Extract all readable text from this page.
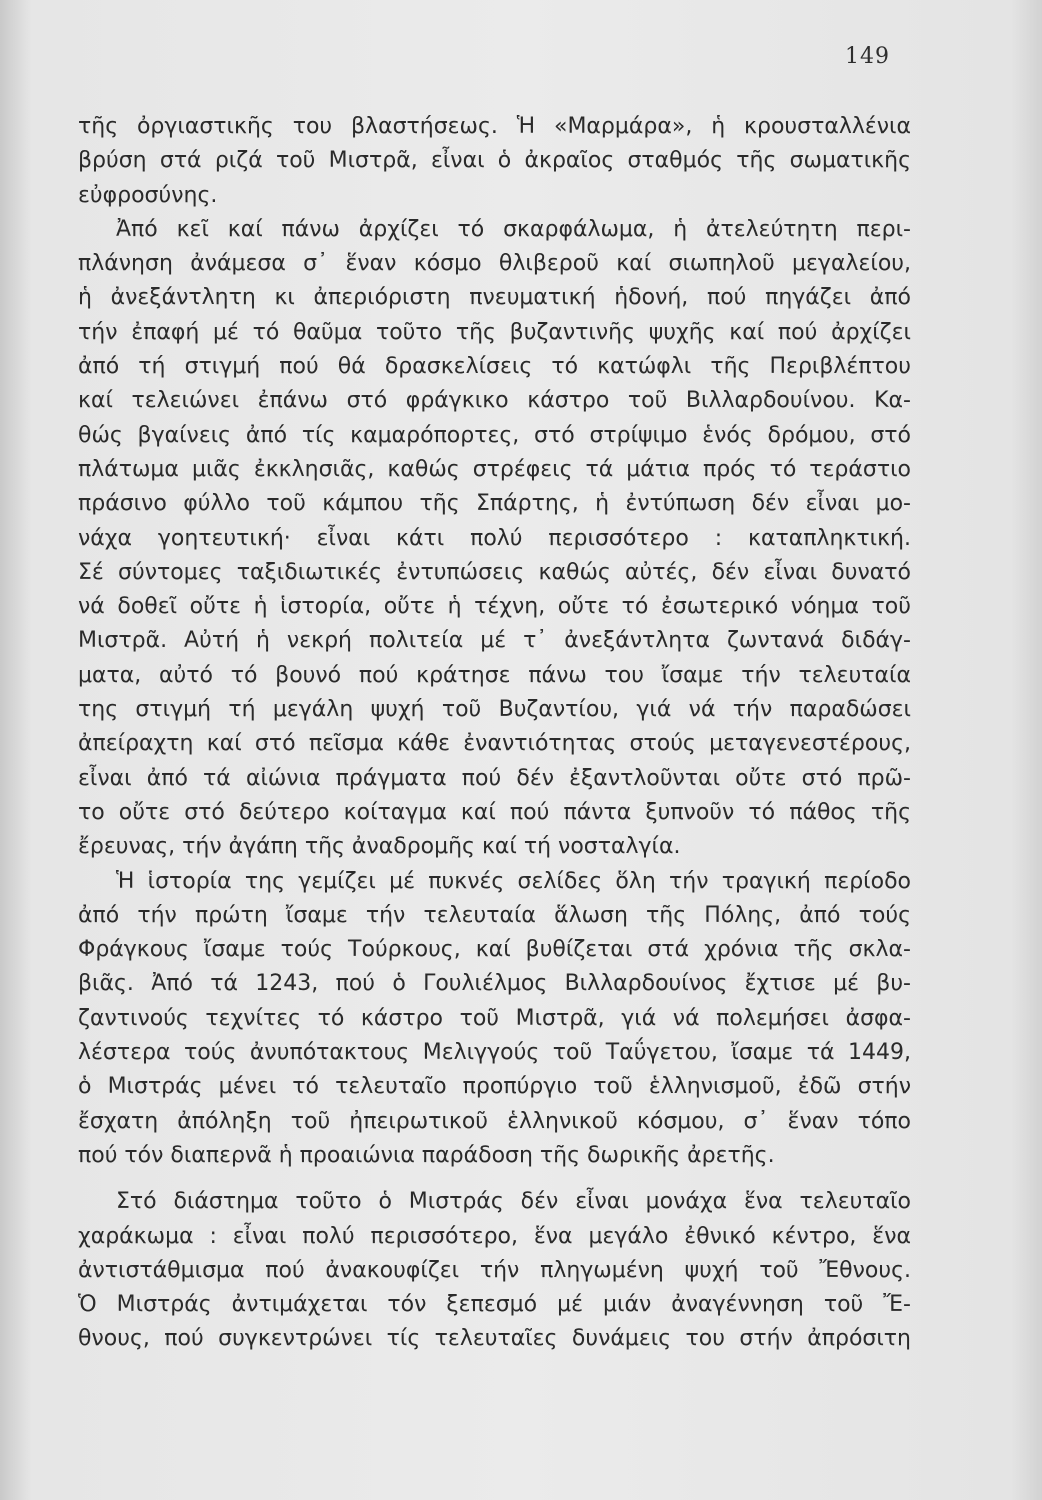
149
τῆς ὀργιαστικῆς του βλαστήσεως. Ἡ «Μαρμάρα», ἡ κρουσταλλένια
βρύση στά ριζά τοῦ Μιστρᾶ, εἶναι ὁ ἀκραῖος σταθμός τῆς σωματικῆς
εὐφροσύνης.
Ἀπό κεῖ καί πάνω ἀρχίζει τό σκαρφάλωμα, ἡ ἀτελεύτητη περι-
πλάνηση ἀνάμεσα σ᾽ ἕναν κόσμο θλιβεροῦ καί σιωπηλοῦ μεγαλείου,
ἡ ἀνεξάντλητη κι ἀπεριόριστη πνευματική ἡδονή, πού πηγάζει ἀπό
τήν ἐπαφή μέ τό θαῦμα τοῦτο τῆς βυζαντινῆς ψυχῆς καί πού ἀρχίζει
ἀπό τή στιγμή πού θά δρασκελίσεις τό κατώφλι τῆς Περιβλέπτου
καί τελειώνει ἐπάνω στό φράγκικο κάστρο τοῦ Βιλλαρδουίνου. Κα-
θώς βγαίνεις ἀπό τίς καμαρόπορτες, στό στρίψιμο ἑνός δρόμου, στό
πλάτωμα μιᾶς ἐκκλησιᾶς, καθώς στρέφεις τά μάτια πρός τό τεράστιο
πράσινο φύλλο τοῦ κάμπου τῆς Σπάρτης, ἡ ἐντύπωση δέν εἶναι μο-
νάχα γοητευτική· εἶναι κάτι πολύ περισσότερο : καταπληκτική.
Σέ σύντομες ταξιδιωτικές ἐντυπώσεις καθώς αὐτές, δέν εἶναι δυνατό
νά δοθεῖ οὔτε ἡ ἱστορία, οὔτε ἡ τέχνη, οὔτε τό ἐσωτερικό νόημα τοῦ
Μιστρᾶ. Αὐτή ἡ νεκρή πολιτεία μέ τ᾽ ἀνεξάντλητα ζωντανά διδάγ-
ματα, αὐτό τό βουνό πού κράτησε πάνω του ἴσαμε τήν τελευταία
της στιγμή τή μεγάλη ψυχή τοῦ Βυζαντίου, γιά νά τήν παραδώσει
ἀπείραχτη καί στό πεῖσμα κάθε ἐναντιότητας στούς μεταγενεστέρους,
εἶναι ἀπό τά αἰώνια πράγματα πού δέν ἐξαντλοῦνται οὔτε στό πρῶ-
το οὔτε στό δεύτερο κοίταγμα καί πού πάντα ξυπνοῦν τό πάθος τῆς
ἔρευνας, τήν ἀγάπη τῆς ἀναδρομῆς καί τή νοσταλγία.
Ἡ ἱστορία της γεμίζει μέ πυκνές σελίδες ὅλη τήν τραγική περίοδο
ἀπό τήν πρώτη ἴσαμε τήν τελευταία ἅλωση τῆς Πόλης, ἀπό τούς
Φράγκους ἴσαμε τούς Τούρκους, καί βυθίζεται στά χρόνια τῆς σκλα-
βιᾶς. Ἀπό τά 1243, πού ὁ Γουλιέλμος Βιλλαρδουίνος ἔχτισε μέ βυ-
ζαντινούς τεχνίτες τό κάστρο τοῦ Μιστρᾶ, γιά νά πολεμήσει ἀσφα-
λέστερα τούς ἀνυπότακτους Μελιγγούς τοῦ Ταΰγετου, ἴσαμε τά 1449,
ὁ Μιστράς μένει τό τελευταῖο προπύργιο τοῦ ἑλληνισμοῦ, ἐδῶ στήν
ἔσχατη ἀπόληξη τοῦ ἠπειρωτικοῦ ἑλληνικοῦ κόσμου, σ᾽ ἕναν τόπο
πού τόν διαπερνᾶ ἡ προαιώνια παράδοση τῆς δωρικῆς ἀρετῆς.
Στό διάστημα τοῦτο ὁ Μιστράς δέν εἶναι μονάχα ἕνα τελευταῖο
χαράκωμα : εἶναι πολύ περισσότερο, ἕνα μεγάλο ἐθνικό κέντρο, ἕνα
ἀντιστάθμισμα πού ἀνακουφίζει τήν πληγωμένη ψυχή τοῦ Ἔθνους.
Ὁ Μιστράς ἀντιμάχεται τόν ξεπεσμό μέ μιάν ἀναγέννηση τοῦ Ἔ-
θνους, πού συγκεντρώνει τίς τελευταῖες δυνάμεις του στήν ἀπρόσιτη
